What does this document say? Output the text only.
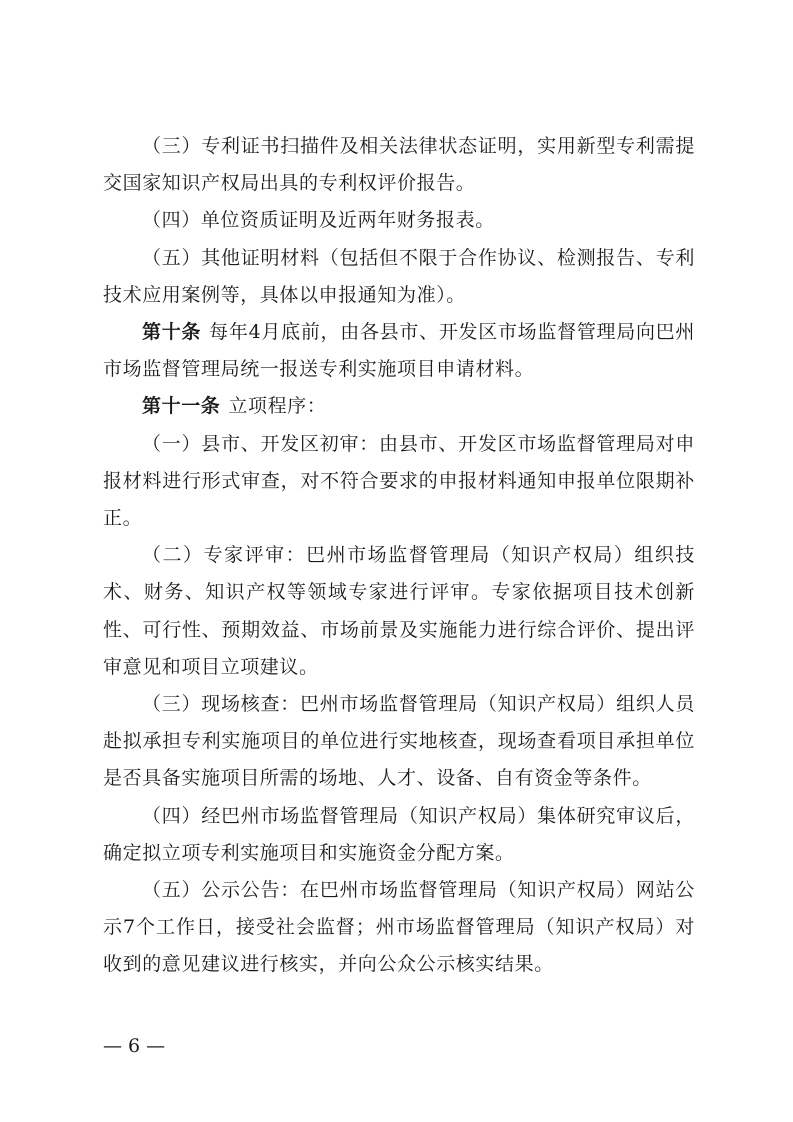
（三）专利证书扫描件及相关法律状态证明，实用新型专利需提交国家知识产权局出具的专利权评价报告。

（四）单位资质证明及近两年财务报表。

（五）其他证明材料（包括但不限于合作协议、检测报告、专利技术应用案例等，具体以申报通知为准）。

第十条 每年4月底前，由各县市、开发区市场监督管理局向巴州市场监督管理局统一报送专利实施项目申请材料。

第十一条 立项程序：

（一）县市、开发区初审：由县市、开发区市场监督管理局对申报材料进行形式审查，对不符合要求的申报材料通知申报单位限期补正。

（二）专家评审：巴州市场监督管理局（知识产权局）组织技术、财务、知识产权等领域专家进行评审。专家依据项目技术创新性、可行性、预期效益、市场前景及实施能力进行综合评价、提出评审意见和项目立项建议。

（三）现场核查：巴州市场监督管理局（知识产权局）组织人员赴拟承担专利实施项目的单位进行实地核查，现场查看项目承担单位是否具备实施项目所需的场地、人才、设备、自有资金等条件。

（四）经巴州市场监督管理局（知识产权局）集体研究审议后，确定拟立项专利实施项目和实施资金分配方案。

（五）公示公告：在巴州市场监督管理局（知识产权局）网站公示7个工作日，接受社会监督；州市场监督管理局（知识产权局）对收到的意见建议进行核实，并向公众公示核实结果。

— 6 —
